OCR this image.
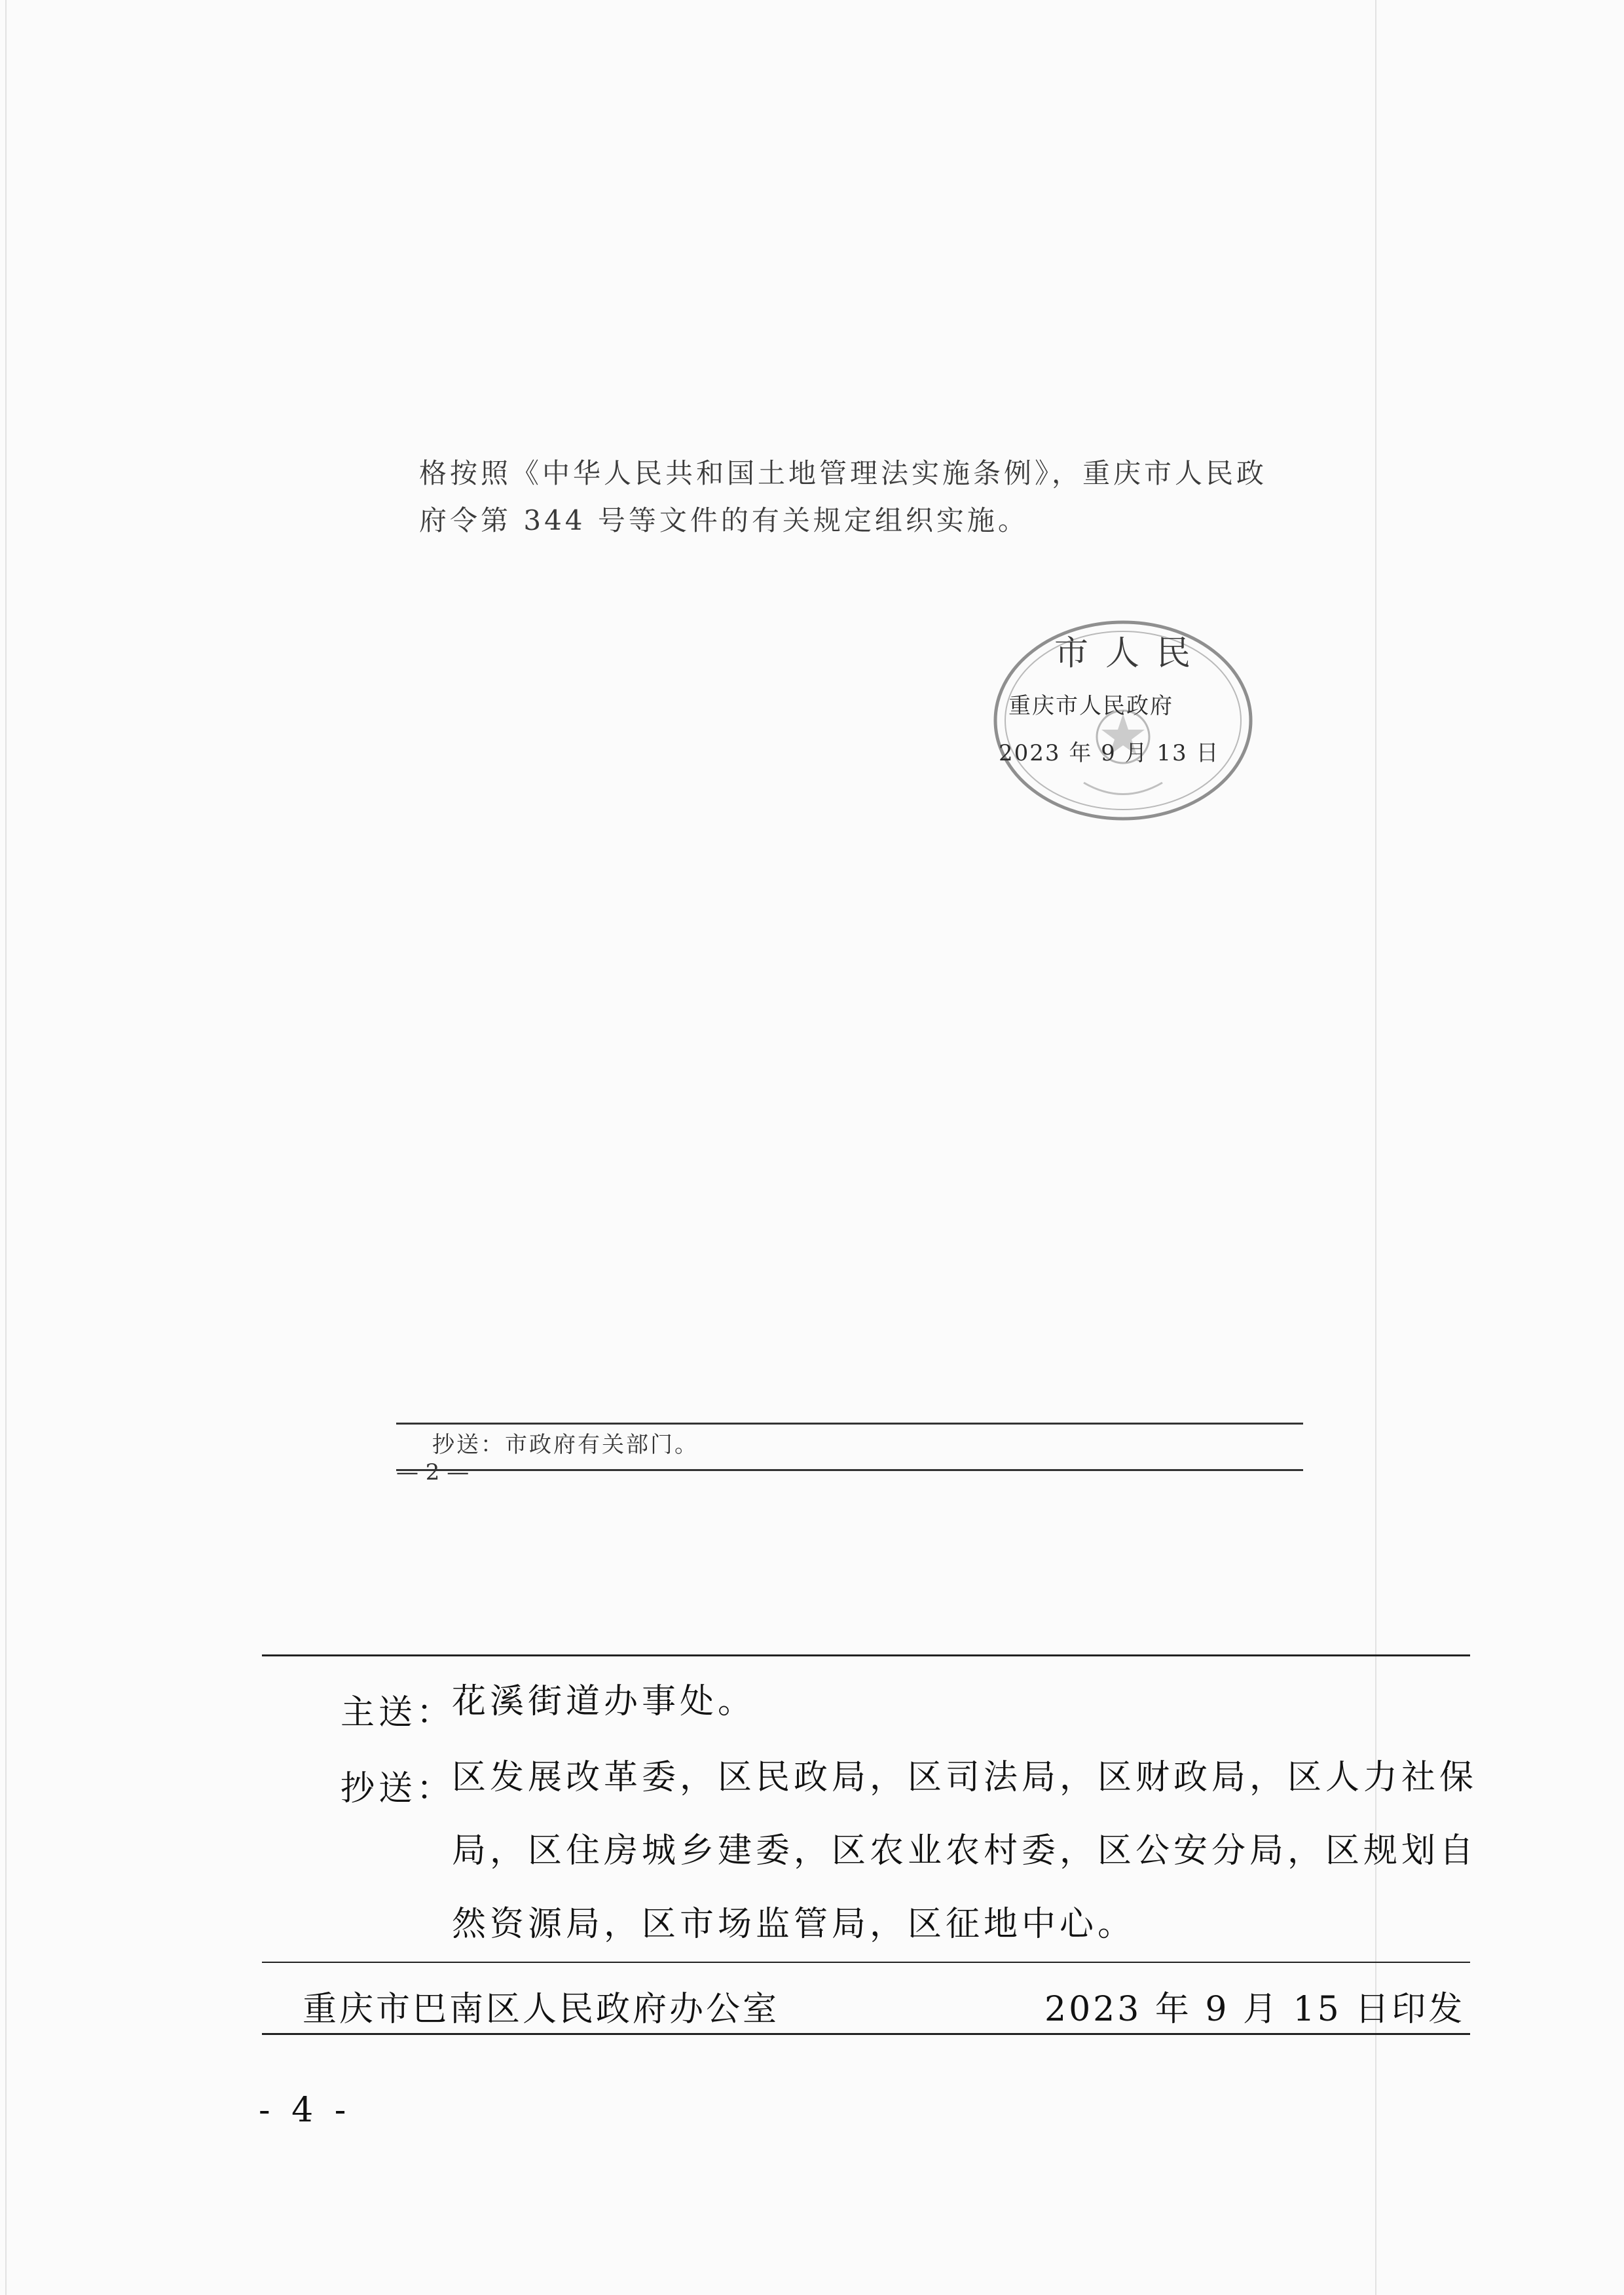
格按照《中华人民共和国土地管理法实施条例》，重庆市人民政
府令第 344 号等文件的有关规定组织实施。
市人民
重庆市人民政府
2023 年 9 月 13 日
抄送：市政府有关部门。
— 2 —
主送：
花溪街道办事处。
抄送：
区发展改革委，区民政局，区司法局，区财政局，区人力社保
局，区住房城乡建委，区农业农村委，区公安分局，区规划自
然资源局，区市场监管局，区征地中心。
重庆市巴南区人民政府办公室	2023 年 9 月 15 日印发
- 4 -
